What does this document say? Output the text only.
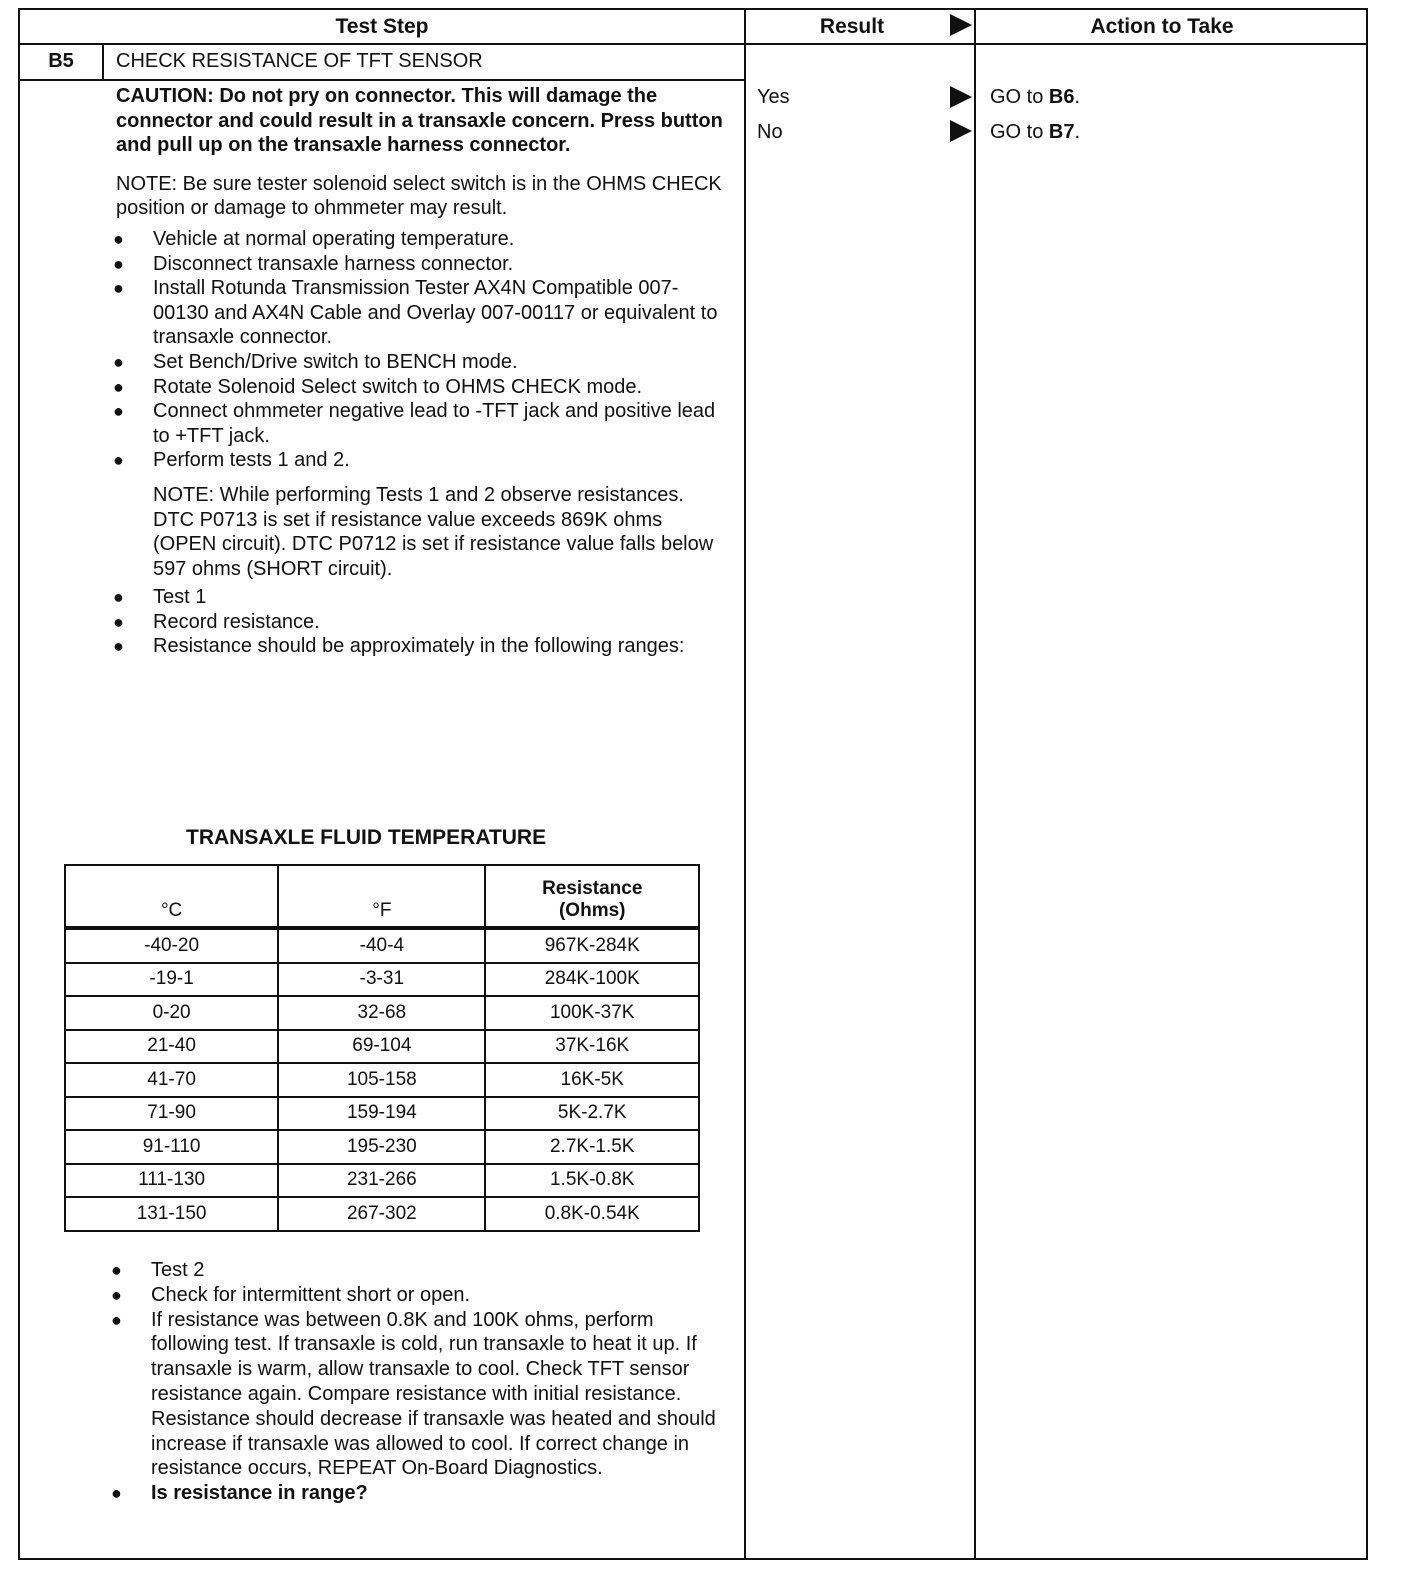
Test Step	Result	Action to Take
B5	CHECK RESISTANCE OF TFT SENSOR
Yes	GO to B6.
No	GO to B7.

CAUTION: Do not pry on connector. This will damage the connector and could result in a transaxle concern. Press button and pull up on the transaxle harness connector.

NOTE: Be sure tester solenoid select switch is in the OHMS CHECK position or damage to ohmmeter may result.

● Vehicle at normal operating temperature.
● Disconnect transaxle harness connector.
● Install Rotunda Transmission Tester AX4N Compatible 007-00130 and AX4N Cable and Overlay 007-00117 or equivalent to transaxle connector.
● Set Bench/Drive switch to BENCH mode.
● Rotate Solenoid Select switch to OHMS CHECK mode.
● Connect ohmmeter negative lead to -TFT jack and positive lead to +TFT jack.
● Perform tests 1 and 2.
NOTE: While performing Tests 1 and 2 observe resistances. DTC P0713 is set if resistance value exceeds 869K ohms (OPEN circuit). DTC P0712 is set if resistance value falls below 597 ohms (SHORT circuit).
● Test 1
● Record resistance.
● Resistance should be approximately in the following ranges:
TRANSAXLE FLUID TEMPERATURE
°C	°F	Resistance
(Ohms)
-40-20	-40-4	967K-284K
-19-1	-3-31	284K-100K
0-20	32-68	100K-37K
21-40	69-104	37K-16K
41-70	105-158	16K-5K
71-90	159-194	5K-2.7K
91-110	195-230	2.7K-1.5K
111-130	231-266	1.5K-0.8K
131-150	267-302	0.8K-0.54K
● Test 2
● Check for intermittent short or open.
● If resistance was between 0.8K and 100K ohms, perform following test. If transaxle is cold, run transaxle to heat it up. If transaxle is warm, allow transaxle to cool. Check TFT sensor resistance again. Compare resistance with initial resistance. Resistance should decrease if transaxle was heated and should increase if transaxle was allowed to cool. If correct change in resistance occurs, REPEAT On-Board Diagnostics.
● Is resistance in range?
